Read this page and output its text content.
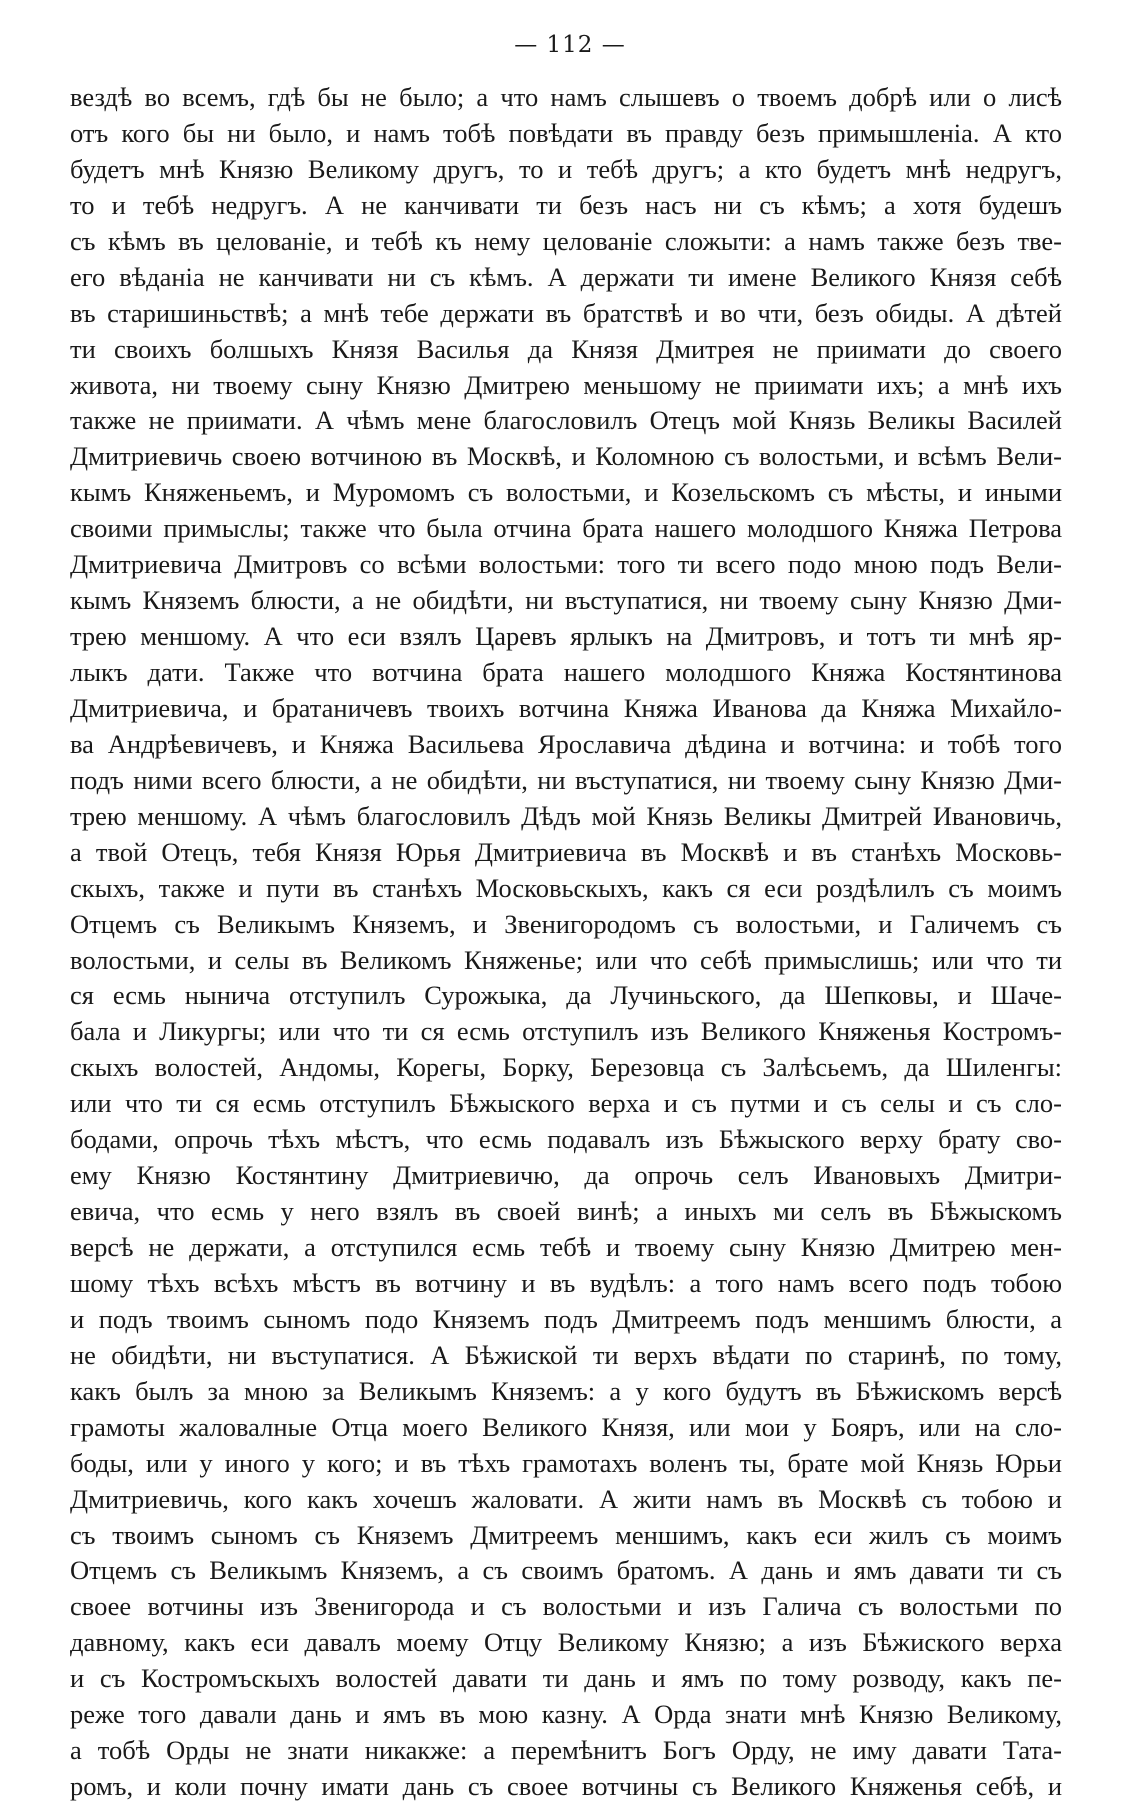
— 112 —
вездѣ во всемъ, гдѣ бы не было; а что намъ слышевъ о твоемъ добрѣ или о лисѣ
отъ кого бы ни было, и намъ тобѣ повѣдати въ правду безъ примышленiа. А кто
будетъ мнѣ Князю Великому другъ, то и тебѣ другъ; а кто будетъ мнѣ недругъ,
то и тебѣ недругъ. А не канчивати ти безъ насъ ни съ кѣмъ; а хотя будешъ
съ кѣмъ въ целованiе, и тебѣ къ нему целованiе сложыти: а намъ также безъ тве-
его вѣданiа не канчивати ни съ кѣмъ. А держати ти имене Великого Князя себѣ
въ старишиньствѣ; а мнѣ тебе держати въ братствѣ и во чти, безъ обиды. А дѣтей
ти своихъ болшыхъ Князя Василья да Князя Дмитрея не приимати до своего
живота, ни твоему сыну Князю Дмитрею меньшому не приимати ихъ; а мнѣ ихъ
также не приимати. А чѣмъ мене благословилъ Отецъ мой Князь Великы Василей
Дмитриевичь своею вотчиною въ Москвѣ, и Коломною съ волостьми, и всѣмъ Вели-
кымъ Княженьемъ, и Муромомъ съ волостьми, и Козельскомъ съ мѣсты, и иными
своими примыслы; также что была отчина брата нашего молодшого Княжа Петрова
Дмитриевича Дмитровъ со всѣми волостьми: того ти всего подо мною подъ Вели-
кымъ Княземъ блюсти, а не обидѣти, ни въступатися, ни твоему сыну Князю Дми-
трею меншому. А что еси взялъ Царевъ ярлыкъ на Дмитровъ, и тотъ ти мнѣ яр-
лыкъ дати. Также что вотчина брата нашего молодшого Княжа Костянтинова
Дмитриевича, и братаничевъ твоихъ вотчина Княжа Иванова да Княжа Михайло-
ва Андрѣевичевъ, и Княжа Васильева Ярославича дѣдина и вотчина: и тобѣ того
подъ ними всего блюсти, а не обидѣти, ни въступатися, ни твоему сыну Князю Дми-
трею меншому. А чѣмъ благословилъ Дѣдъ мой Князь Великы Дмитрей Ивановичь,
а твой Отецъ, тебя Князя Юрья Дмитриевича въ Москвѣ и въ станѣхъ Московь-
скыхъ, также и пути въ станѣхъ Московьскыхъ, какъ ся еси роздѣлилъ съ моимъ
Отцемъ съ Великымъ Княземъ, и Звенигородомъ съ волостьми, и Галичемъ съ
волостьми, и селы въ Великомъ Княженье; или что себѣ примыслишь; или что ти
ся есмь нынича отступилъ Сурожыка, да Лучиньского, да Шепковы, и Шаче-
бала и Ликургы; или что ти ся есмь отступилъ изъ Великого Княженья Костромъ-
скыхъ волостей, Андомы, Корегы, Борку, Березовца съ Залѣсьемъ, да Шиленгы:
или что ти ся есмь отступилъ Бѣжыского верха и съ путми и съ селы и съ сло-
бодами, опрочь тѣхъ мѣстъ, что есмь подавалъ изъ Бѣжыского верху брату сво-
ему Князю Костянтину Дмитриевичю, да опрочь селъ Ивановыхъ Дмитри-
евича, что есмь у него взялъ въ своей винѣ; а иныхъ ми селъ въ Бѣжыскомъ
версѣ не держати, а отступился есмь тебѣ и твоему сыну Князю Дмитрею мен-
шому тѣхъ всѣхъ мѣстъ въ вотчину и въ вудѣлъ: а того намъ всего подъ тобою
и подъ твоимъ сыномъ подо Княземъ подъ Дмитреемъ подъ меншимъ блюсти, а
не обидѣти, ни въступатися. А Бѣжиской ти верхъ вѣдати по старинѣ, по тому,
какъ былъ за мною за Великымъ Княземъ: а у кого будутъ въ Бѣжискомъ версѣ
грамоты жаловалные Отца моего Великого Князя, или мои у Бояръ, или на сло-
боды, или у иного у кого; и въ тѣхъ грамотахъ воленъ ты, брате мой Князь Юрьи
Дмитриевичь, кого какъ хочешъ жаловати. А жити намъ въ Москвѣ съ тобою и
съ твоимъ сыномъ съ Княземъ Дмитреемъ меншимъ, какъ еси жилъ съ моимъ
Отцемъ съ Великымъ Княземъ, а съ своимъ братомъ. А дань и ямъ давати ти съ
своее вотчины изъ Звенигорода и съ волостьми и изъ Галича съ волостьми по
давному, какъ еси давалъ моему Отцу Великому Князю; а изъ Бѣжиского верха
и съ Костромъскыхъ волостей давати ти дань и ямъ по тому розводу, какъ пе-
реже того давали дань и ямъ въ мою казну. А Орда знати мнѣ Князю Великому,
а тобѣ Орды не знати никакже: а перемѣнитъ Богъ Орду, не иму давати Тата-
ромъ, и коли почну имати дань съ своее вотчины съ Великого Княженья себѣ, и
